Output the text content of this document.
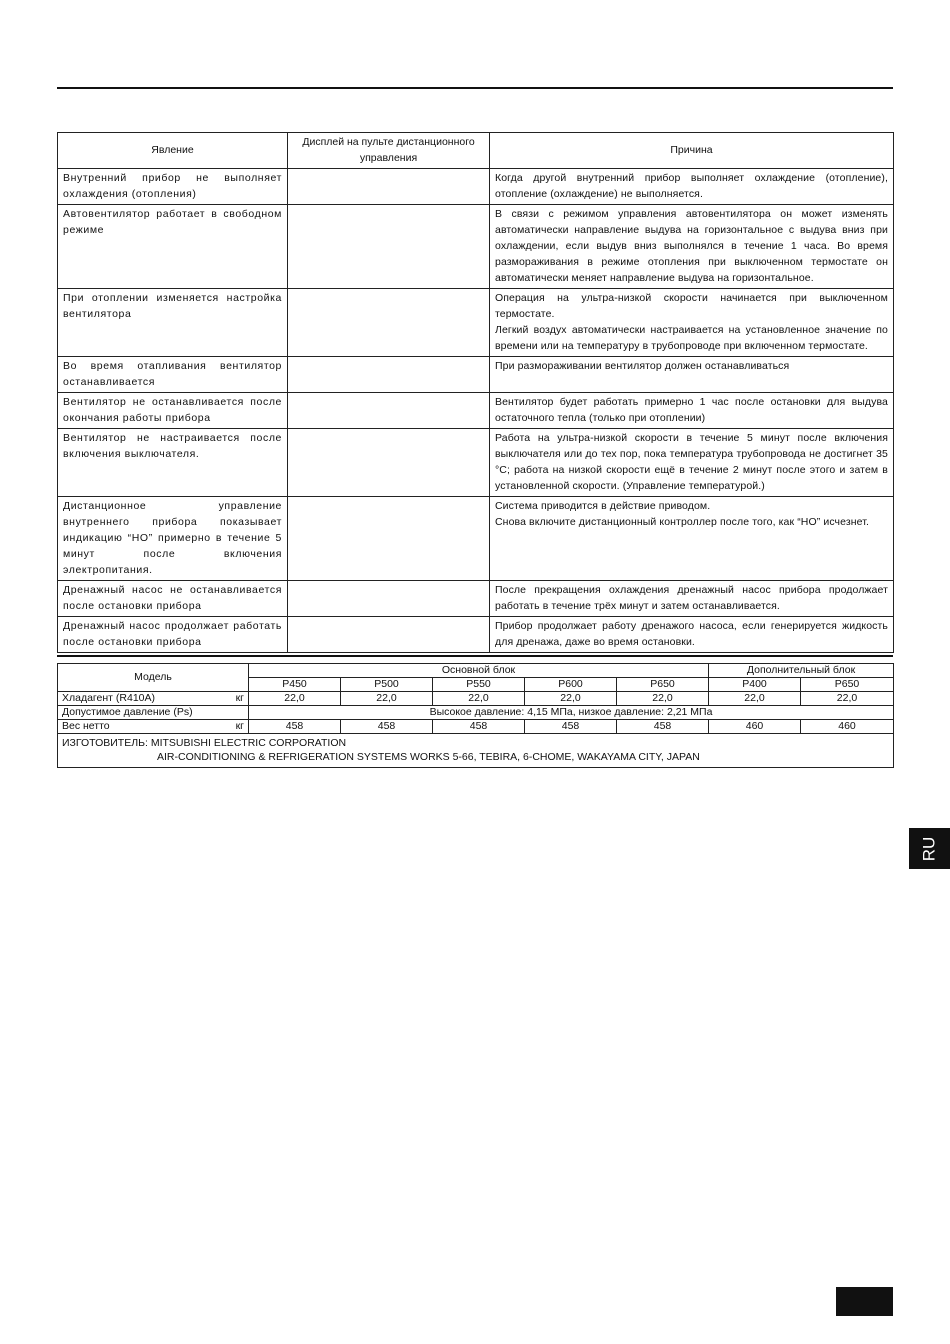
Явление	Дисплей на пульте дистанционного управления	Причина
Внутренний прибор не выполняет охлаждения (отопления)		Когда другой внутренний прибор выполняет охлаждение (отопление), отопление (охлаждение) не выполняется.
Автовентилятор работает в свободном режиме		В связи с режимом управления автовентилятора он может изменять автоматически направление выдува на горизонтальное с выдува вниз при охлаждении, если выдув вниз выполнялся в течение 1 часа. Во время размораживания в режиме отопления при выключенном термостате он автоматически меняет направление выдува на горизонтальное.
При отоплении изменяется настройка вентилятора		Операция на ультра-низкой скорости начинается при выключенном термостате.
Легкий воздух автоматически настраивается на установленное значение по времени или на температуру в трубопроводе при включенном термостате.
Во время отапливания вентилятор останавливается		При размораживании вентилятор должен останавливаться
Вентилятор не останавливается после окончания работы прибора		Вентилятор будет работать примерно 1 час после остановки для выдува остаточного тепла (только при отоплении)
Вентилятор не настраивается после включения выключателя.		Работа на ультра-низкой скорости в течение 5 минут после включения выключателя или до тех пор, пока температура трубопровода не достигнет 35 °C; работа на низкой скорости ещё в течение 2 минут после этого и затем в установленной скорости. (Управление температурой.)
Дистанционное управление внутреннего прибора показывает индикацию “HO” примерно в течение 5 минут после включения электропитания.		Система приводится в действие приводом.
Снова включите дистанционный контроллер после того, как “HO” исчезнет.
Дренажный насос не останавливается после остановки прибора		После прекращения охлаждения дренажный насос прибора продолжает работать в течение трёх минут и затем останавливается.
Дренажный насос продолжает работать после остановки прибора		Прибор продолжает работу дренажого насоса, если генерируется жидкость для дренажа, даже во время остановки.
Модель	Основной блок					Дополнительный блок	
	P450	P500	P550	P600	P650	P400	P650

Хладагент (R410A) кг	22,0	22,0	22,0	22,0	22,0	22,0	22,0
Допустимое давление (Ps)	Высокое давление: 4,15 МПа, низкое давление: 2,21 МПа						

Вес нетто кг	458	458	458	458	458	460	460

ИЗГОТОВИТЕЛЬ: MITSUBISHI ELECTRIC CORPORATION
AIR-CONDITIONING & REFRIGERATION SYSTEMS WORKS 5-66, TEBIRA, 6-CHOME, WAKAYAMA CITY, JAPAN							
RU
